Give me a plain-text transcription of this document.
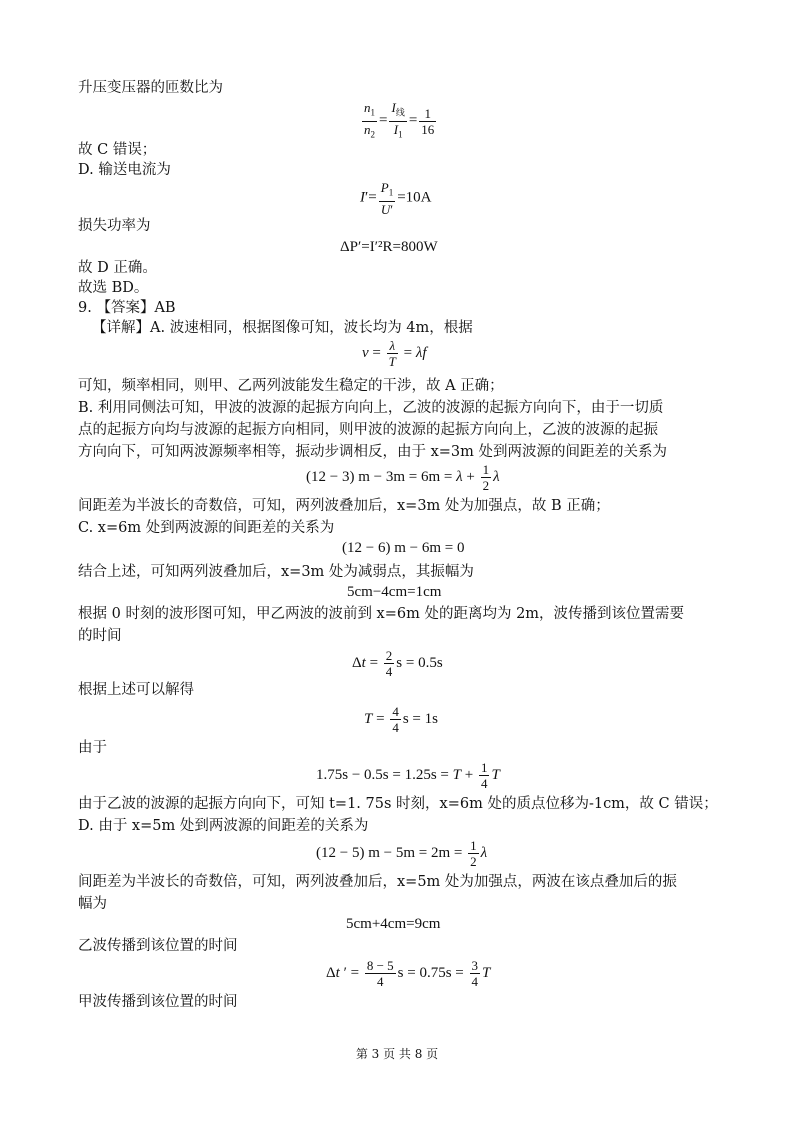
升压变压器的匝数比为
$\frac{n_1}{n_2} = \frac{I_线}{I_1} = \frac{1}{16}$
故 C 错误；
D. 输送电流为
$I'= \frac{P_1}{U'} =10A$
损失功率为
ΔP′=I′²R=800W
故 D 正确。
故选 BD。
9. 【答案】AB
【详解】A. 波速相同，根据图像可知，波长均为 4m，根据
$v = \frac{\lambda}{T} = \lambda f$
可知，频率相同，则甲、乙两列波能发生稳定的干涉，故 A 正确；
B. 利用同侧法可知，甲波的波源的起振方向向上，乙波的波源的起振方向向下，由于一切质
点的起振方向均与波源的起振方向相同，则甲波的波源的起振方向向上，乙波的波源的起振
方向向下，可知两波源频率相等，振动步调相反，由于 x=3m 处到两波源的间距差的关系为
(12 − 3) $m - 3m = 6m = \lambda + \frac{1}{2}$ λ
间距差为半波长的奇数倍，可知，两列波叠加后，x=3m 处为加强点，故 B 正确；
C. x=6m 处到两波源的间距差的关系为
(12 − 6) m − 6m = 0
结合上述，可知两列波叠加后，x=3m 处为减弱点，其振幅为
5cm−4cm=1cm
根据 0 时刻的波形图可知，甲乙两波的波前到 x=6m 处的距离均为 2m，波传播到该位置需要
的时间
$\Delta t = \frac{2}{4}$ s = 0.5s
根据上述可以解得
$T = \frac{4}{4}$ s = 1s
由于
$1.75s - 0.5s = 1.25s = T + \frac{1}{4}$ T
由于乙波的波源的起振方向向下，可知 t=1. 75s 时刻，x=6m 处的质点位移为-1cm，故 C 错误；
D. 由于 x=5m 处到两波源的间距差的关系为
(12 − 5) $m - 5m = 2m = \frac{1}{2}$ λ
间距差为半波长的奇数倍，可知，两列波叠加后，x=5m 处为加强点，两波在该点叠加后的振
幅为
5cm+4cm=9cm
乙波传播到该位置的时间
Δt ′ = $\frac{8 - 5}{4}$ $s = 0.75s = \frac{3}{4}$ T
甲波传播到该位置的时间
第 3 页 共 8 页
